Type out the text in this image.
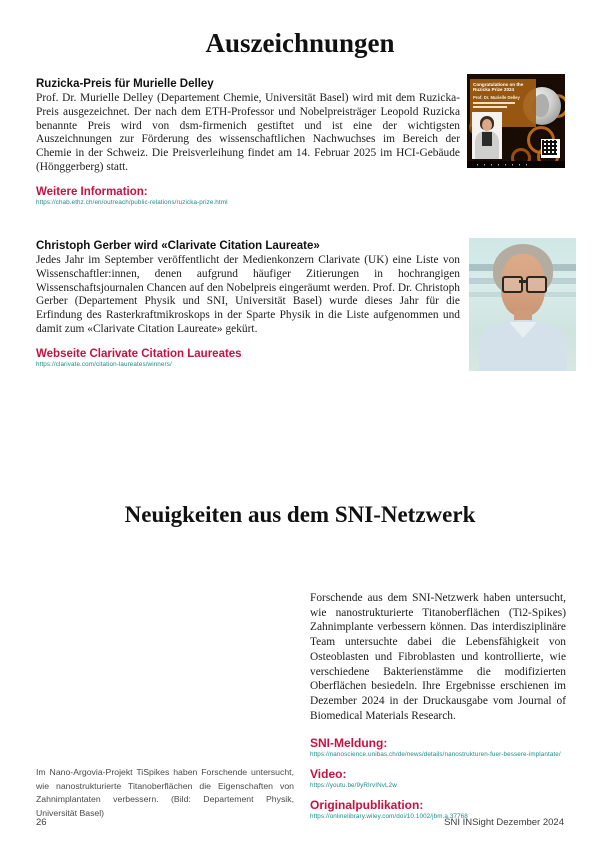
Auszeichnungen
Ruzicka-Preis für Murielle Delley

Prof. Dr. Murielle Delley (Departement Chemie, Universität Basel) wird mit dem Ruzicka-Preis ausgezeichnet. Der nach dem ETH-Professor und Nobelpreisträger Leopold Ruzicka benannte Preis wird von dsm-firmenich gestiftet und ist eine der wichtigsten Auszeichnungen zur Förderung des wissenschaftlichen Nachwuchses im Bereich der Chemie in der Schweiz. Die Preisverleihung findet am 14. Februar 2025 im HCI-Gebäude (Hönggerberg) statt.

Weitere Information:

https://chab.ethz.ch/en/outreach/public-relations/ruzicka-prize.html

Congratulations on the Ruzicka Prize 2024

Prof. Dr. Murielle Delley

Christoph Gerber wird «Clarivate Citation Laureate»

Jedes Jahr im September veröffentlicht der Medienkonzern Clarivate (UK) eine Liste von Wissenschaftler:innen, denen aufgrund häufiger Zitierungen in hochrangigen Wissenschaftsjournalen Chancen auf den Nobelpreis eingeräumt werden. Prof. Dr. Christoph Gerber (Departement Physik und SNI, Universität Basel) wurde dieses Jahr für die Erfindung des Rasterkraftmikroskops in der Sparte Physik in die Liste aufgenommen und damit zum «Clarivate Citation Laureate» gekürt.

Webseite Clarivate Citation Laureates

https://clarivate.com/citation-laureates/winners/
Neuigkeiten aus dem SNI-Netzwerk

Forschende aus dem SNI-Netzwerk haben untersucht, wie nanostrukturierte Titanoberflächen (Ti2-Spikes) Zahnimplante verbessern können. Das interdisziplinäre Team untersuchte dabei die Lebensfähigkeit von Osteoblasten und Fibroblasten und kontrollierte, wie verschiedene Bakterienstämme die modifizierten Oberflächen besiedeln. Ihre Ergebnisse erschienen im Dezember 2024 in der Druckausgabe vom Journal of Biomedical Materials Research.

SNI-Meldung:

https://nanoscience.unibas.ch/de/news/details/nanostrukturen-fuer-bessere-implantate/

Video:

https://youtu.be/9yRIrvINvL2w

Originalpublikation:

https://onlinelibrary.wiley.com/doi/10.1002/jbm.a.37768

Im Nano-Argovia-Projekt TiSpikes haben Forschende untersucht, wie nanostrukturierte Titanoberflächen die Eigenschaften von Zahnimplantaten verbessern. (Bild: Departement Physik, Universität Basel)

26	SNI INSight Dezember 2024
